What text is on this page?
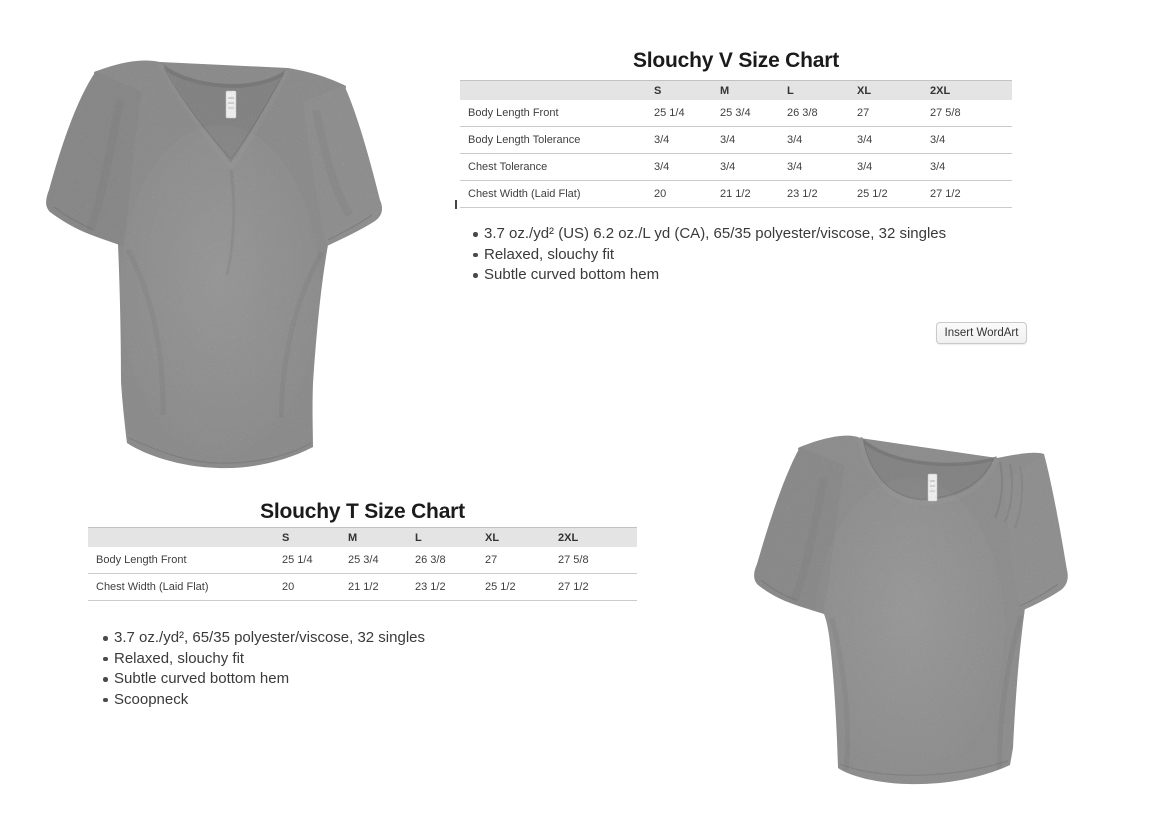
Slouchy V Size Chart
	S	M	L	XL	2XL
Body Length Front	25 1/4	25 3/4	26 3/8	27	27 5/8
Body Length Tolerance	3/4	3/4	3/4	3/4	3/4
Chest Tolerance	3/4	3/4	3/4	3/4	3/4
Chest Width (Laid Flat)	20	21 1/2	23 1/2	25 1/2	27 1/2
3.7 oz./yd² (US) 6.2 oz./L yd (CA), 65/35 polyester/viscose, 32 singles
Relaxed, slouchy fit
Subtle curved bottom hem
Insert WordArt
Slouchy T Size Chart
	S	M	L	XL	2XL
Body Length Front	25 1/4	25 3/4	26 3/8	27	27 5/8
Chest Width (Laid Flat)	20	21 1/2	23 1/2	25 1/2	27 1/2
3.7 oz./yd², 65/35 polyester/viscose, 32 singles
Relaxed, slouchy fit
Subtle curved bottom hem
Scoopneck
